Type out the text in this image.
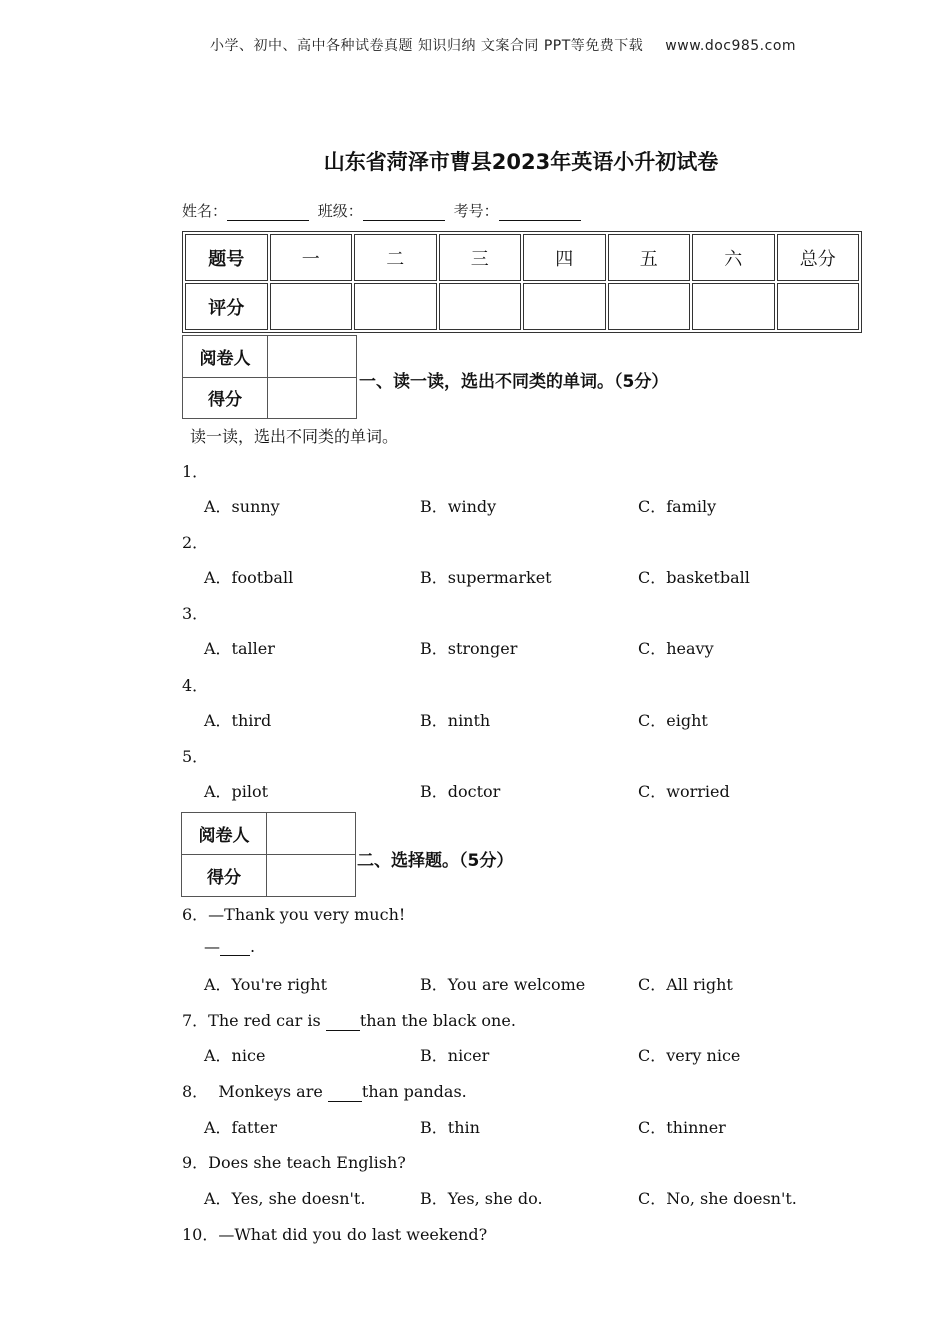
小学、初中、高中各种试卷真题 知识归纳 文案合同 PPT等免费下载 www.doc985.com
山东省菏泽市曹县2023年英语小升初试卷
姓名：	班级：	考号：
题号	一	二	三	四	五	六	总分
评分							
阅卷人	
得分	
一、读一读，选出不同类的单词。（5分）
读一读，选出不同类的单词。
1．
A．sunny	B．windy	C．family
2．
A．football	B．supermarket	C．basketball
3．
A．taller	B．stronger	C．heavy
4．
A．third	B．ninth	C．eight
5．
A．pilot	B．doctor	C．worried
阅卷人	
得分	
二、选择题。（5分）
6．—Thank you very much!
— .
A．You're right	B．You are welcome	C．All right
7．The red car is than the black one.
A．nice	B．nicer	C．very nice
8．  Monkeys are than pandas.
A．fatter	B．thin	C．thinner
9．Does she teach English?
A．Yes, she doesn't.	B．Yes, she do.	C．No, she doesn't.
10．—What did you do last weekend?
